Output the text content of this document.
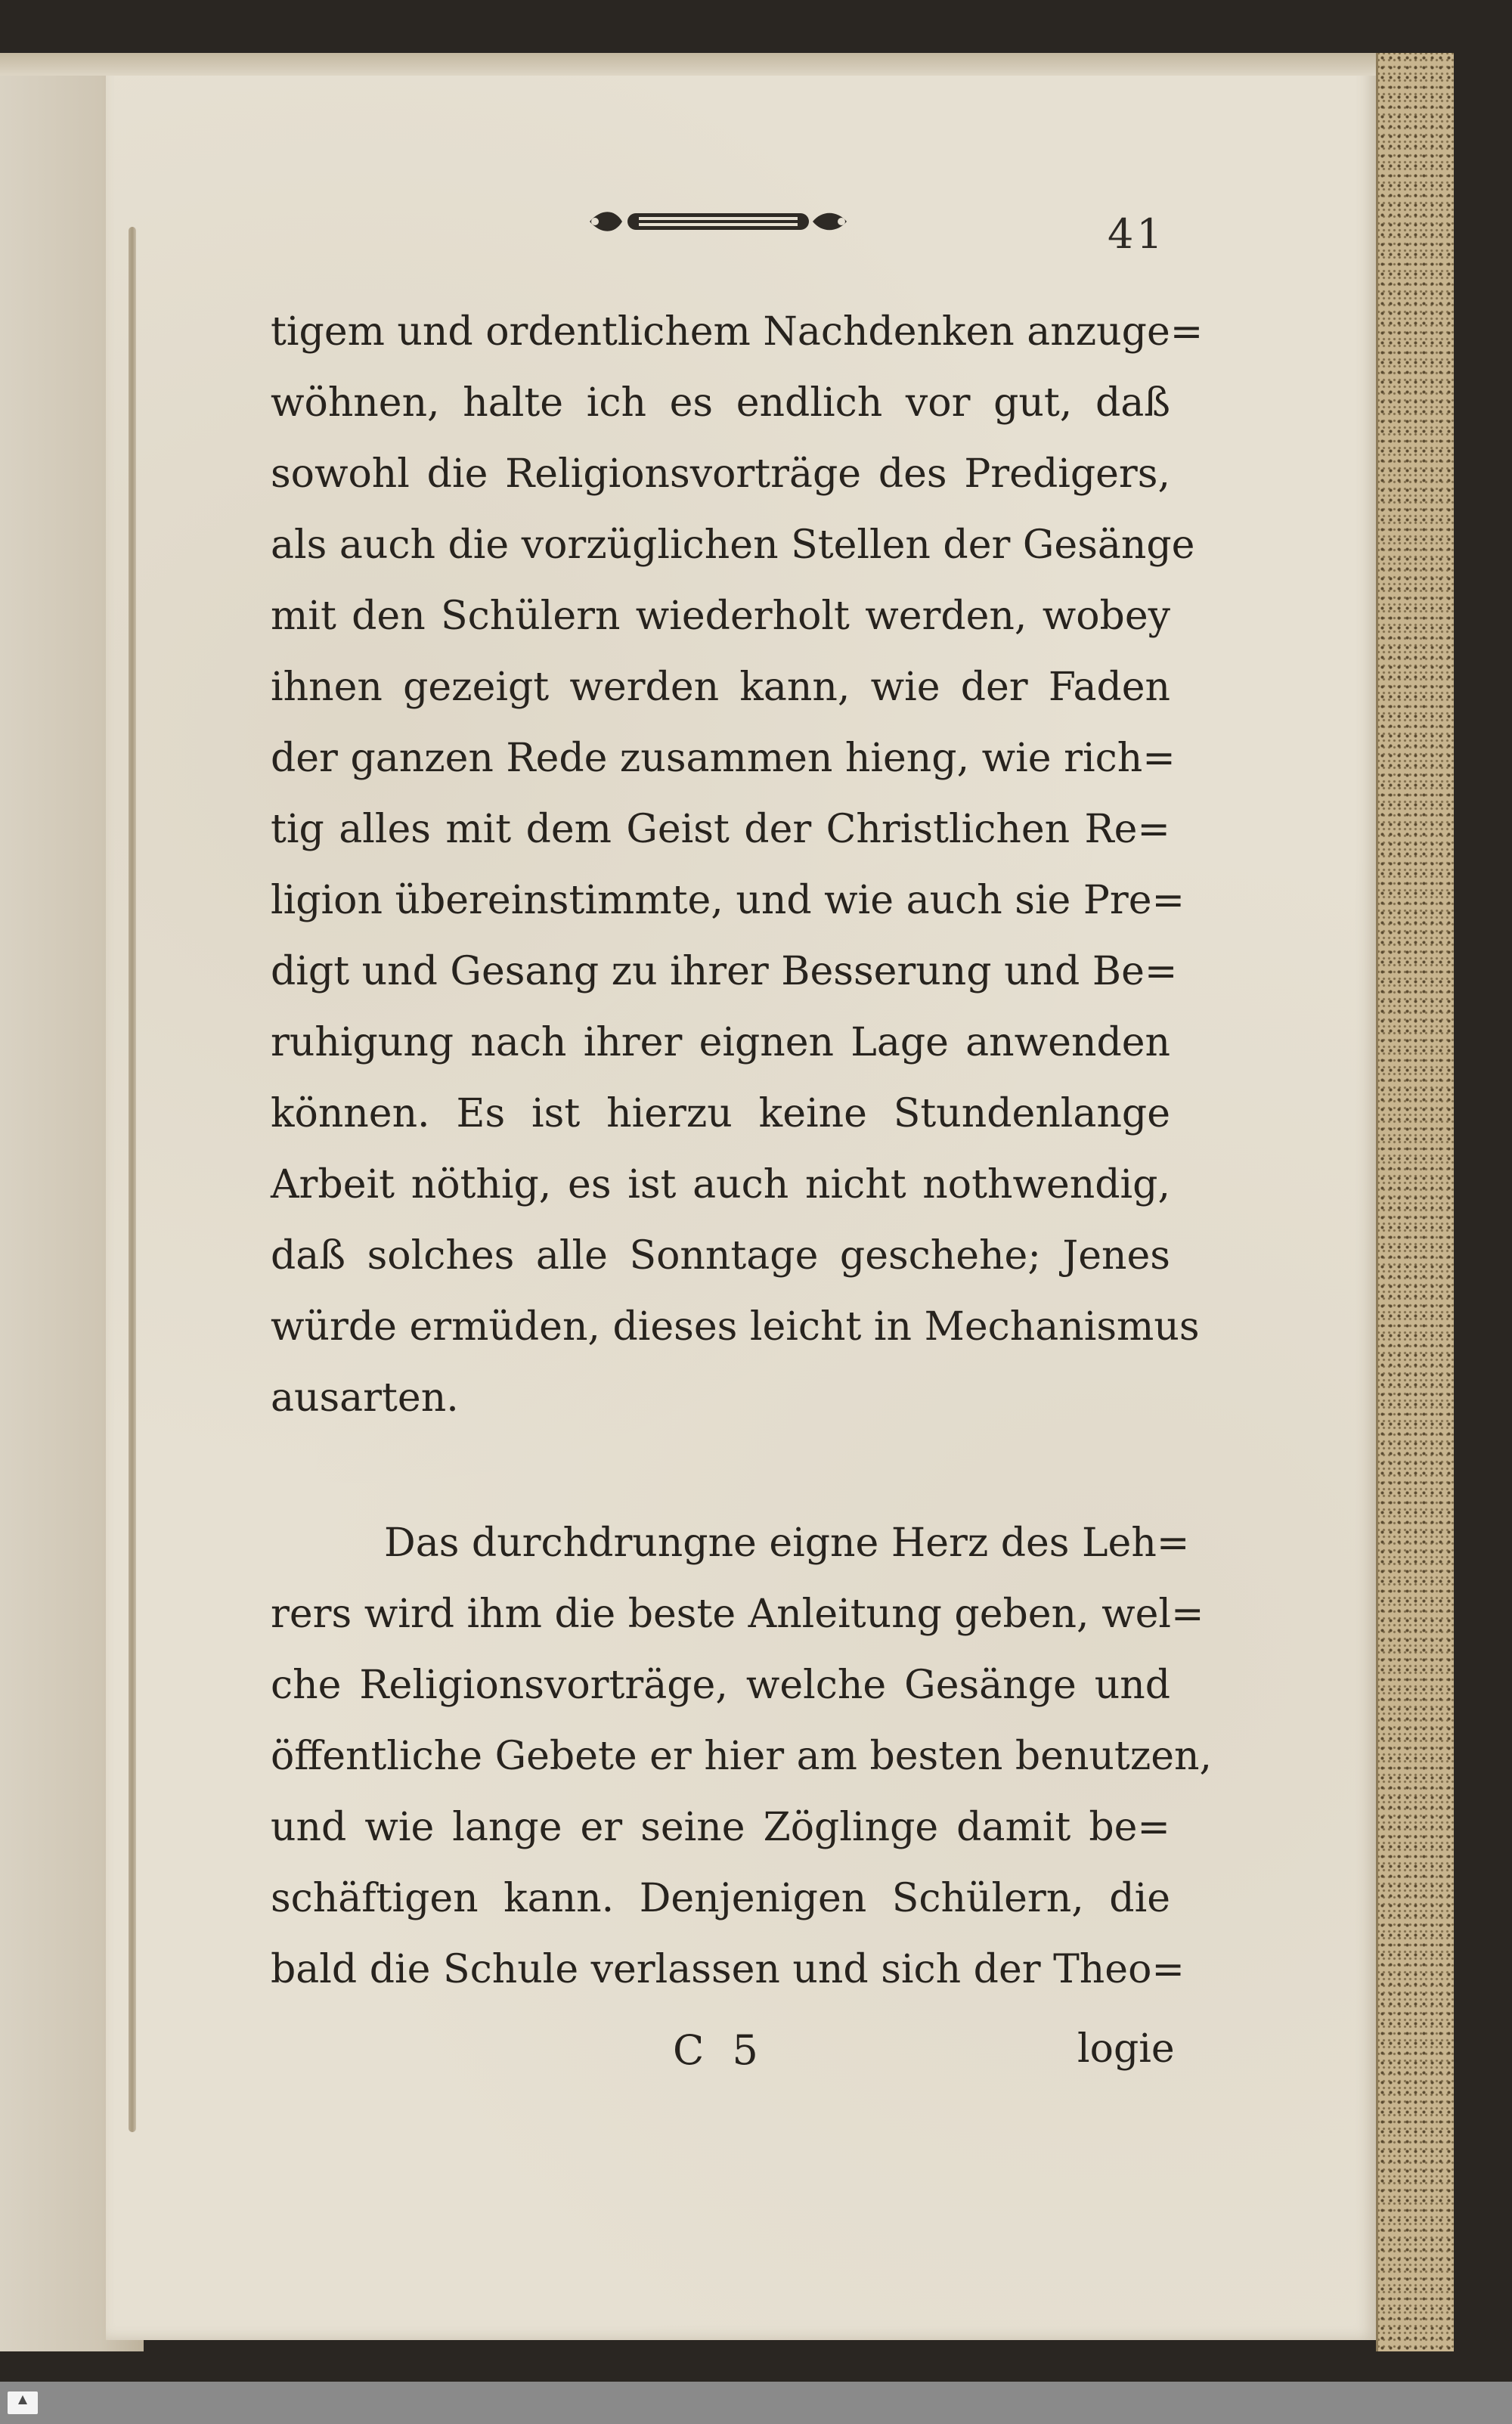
41
tigem und ordentlichem Nachdenken anzuge=
wöhnen, halte ich es endlich vor gut, daß
sowohl die Religionsvorträge des Predigers,
als auch die vorzüglichen Stellen der Gesänge
mit den Schülern wiederholt werden, wobey
ihnen gezeigt werden kann, wie der Faden
der ganzen Rede zusammen hieng, wie rich=
tig alles mit dem Geist der Christlichen Re=
ligion übereinstimmte, und wie auch sie Pre=
digt und Gesang zu ihrer Besserung und Be=
ruhigung nach ihrer eignen Lage anwenden
können. Es ist hierzu keine Stundenlange
Arbeit nöthig, es ist auch nicht nothwendig,
daß solches alle Sonntage geschehe; Jenes
würde ermüden, dieses leicht in Mechanismus
ausarten.
Das durchdrungne eigne Herz des Leh=
rers wird ihm die beste Anleitung geben, wel=
che Religionsvorträge, welche Gesänge und
öffentliche Gebete er hier am besten benutzen,
und wie lange er seine Zöglinge damit be=
schäftigen kann. Denjenigen Schülern, die
bald die Schule verlassen und sich der Theo=
C 5	logie
